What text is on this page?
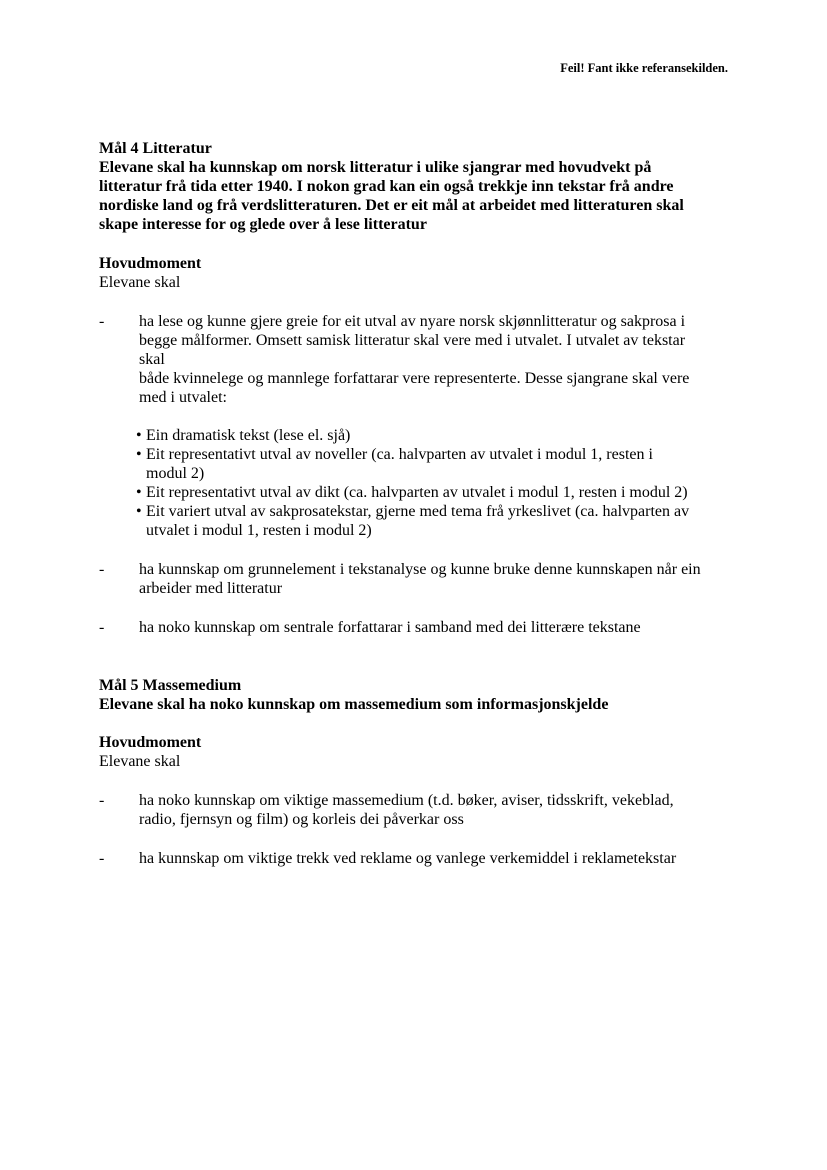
Feil! Fant ikke referansekilden.
Mål 4 Litteratur
Elevane skal ha kunnskap om norsk litteratur i ulike sjangrar med hovudvekt på
litteratur frå tida etter 1940. I nokon grad kan ein også trekkje inn tekstar frå andre
nordiske land og frå verdslitteraturen. Det er eit mål at arbeidet med litteraturen skal
skape interesse for og glede over å lese litteratur
Hovudmoment
Elevane skal
- ha lese og kunne gjere greie for eit utval av nyare norsk skjønnlitteratur og sakprosa i
begge målformer. Omsett samisk litteratur skal vere med i utvalet. I utvalet av tekstar
skal
både kvinnelege og mannlege forfattarar vere representerte. Desse sjangrane skal vere
med i utvalet:
• Ein dramatisk tekst (lese el. sjå)
• Eit representativt utval av noveller (ca. halvparten av utvalet i modul 1, resten i
modul 2)
• Eit representativt utval av dikt (ca. halvparten av utvalet i modul 1, resten i modul 2)
• Eit variert utval av sakprosatekstar, gjerne med tema frå yrkeslivet (ca. halvparten av
utvalet i modul 1, resten i modul 2)
- ha kunnskap om grunnelement i tekstanalyse og kunne bruke denne kunnskapen når ein
arbeider med litteratur
- ha noko kunnskap om sentrale forfattarar i samband med dei litterære tekstane
Mål 5 Massemedium
Elevane skal ha noko kunnskap om massemedium som informasjonskjelde
Hovudmoment
Elevane skal
- ha noko kunnskap om viktige massemedium (t.d. bøker, aviser, tidsskrift, vekeblad,
radio, fjernsyn og film) og korleis dei påverkar oss
- ha kunnskap om viktige trekk ved reklame og vanlege verkemiddel i reklametekstar
